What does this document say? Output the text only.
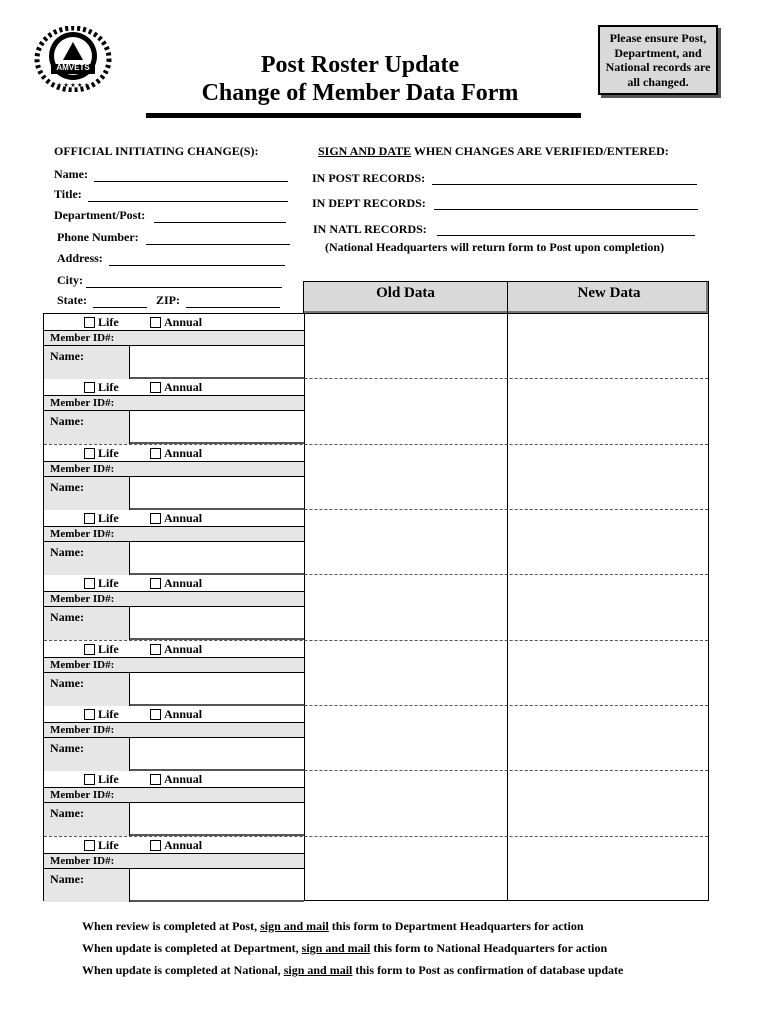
★ ★ ★ ★ ★
AMVETS	Post Roster Update
Change of Member Data Form
Please ensure Post, Department, and National records are all changed.
OFFICIAL INITIATING CHANGE(S):
Name:
Title:
Department/Post:
Phone Number:
Address:
City:
State:	ZIP:
SIGN AND DATE WHEN CHANGES ARE VERIFIED/ENTERED:
IN POST RECORDS:
IN DEPT RECORDS:
IN NATL RECORDS:
(National Headquarters will return form to Post upon completion)
Old Data	New Data
Life	Annual
Member ID#:
Name:
Life	Annual
Member ID#:
Name:
Life	Annual
Member ID#:
Name:
Life	Annual
Member ID#:
Name:
Life	Annual
Member ID#:
Name:
Life	Annual
Member ID#:
Name:
Life	Annual
Member ID#:
Name:
Life	Annual
Member ID#:
Name:
Life	Annual
Member ID#:
Name:
When review is completed at Post, sign and mail this form to Department Headquarters for action
When update is completed at Department, sign and mail this form to National Headquarters for action
When update is completed at National, sign and mail this form to Post as confirmation of database update
